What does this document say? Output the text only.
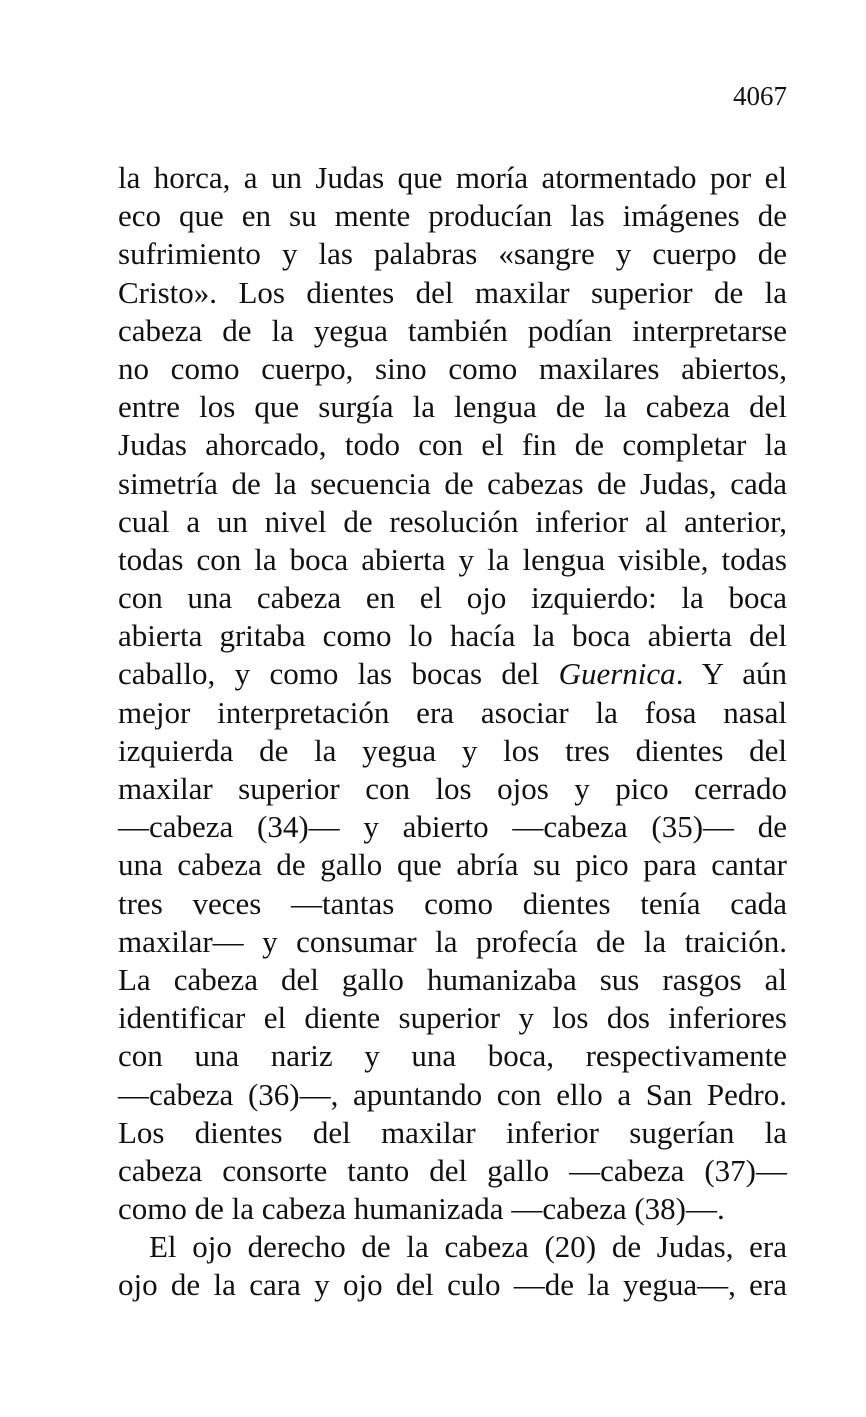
4067
la horca, a un Judas que moría atormentado por el
eco que en su mente producían las imágenes de
sufrimiento y las palabras «sangre y cuerpo de
Cristo». Los dientes del maxilar superior de la
cabeza de la yegua también podían interpretarse
no como cuerpo, sino como maxilares abiertos,
entre los que surgía la lengua de la cabeza del
Judas ahorcado, todo con el fin de completar la
simetría de la secuencia de cabezas de Judas, cada
cual a un nivel de resolución inferior al anterior,
todas con la boca abierta y la lengua visible, todas
con una cabeza en el ojo izquierdo: la boca
abierta gritaba como lo hacía la boca abierta del
caballo, y como las bocas del Guernica. Y aún
mejor interpretación era asociar la fosa nasal
izquierda de la yegua y los tres dientes del
maxilar superior con los ojos y pico cerrado
—cabeza (34)— y abierto —cabeza (35)— de
una cabeza de gallo que abría su pico para cantar
tres veces —tantas como dientes tenía cada
maxilar— y consumar la profecía de la traición.
La cabeza del gallo humanizaba sus rasgos al
identificar el diente superior y los dos inferiores
con una nariz y una boca, respectivamente
—cabeza (36)—, apuntando con ello a San Pedro.
Los dientes del maxilar inferior sugerían la
cabeza consorte tanto del gallo —cabeza (37)—
como de la cabeza humanizada —cabeza (38)—.
El ojo derecho de la cabeza (20) de Judas, era
ojo de la cara y ojo del culo —de la yegua—, era
